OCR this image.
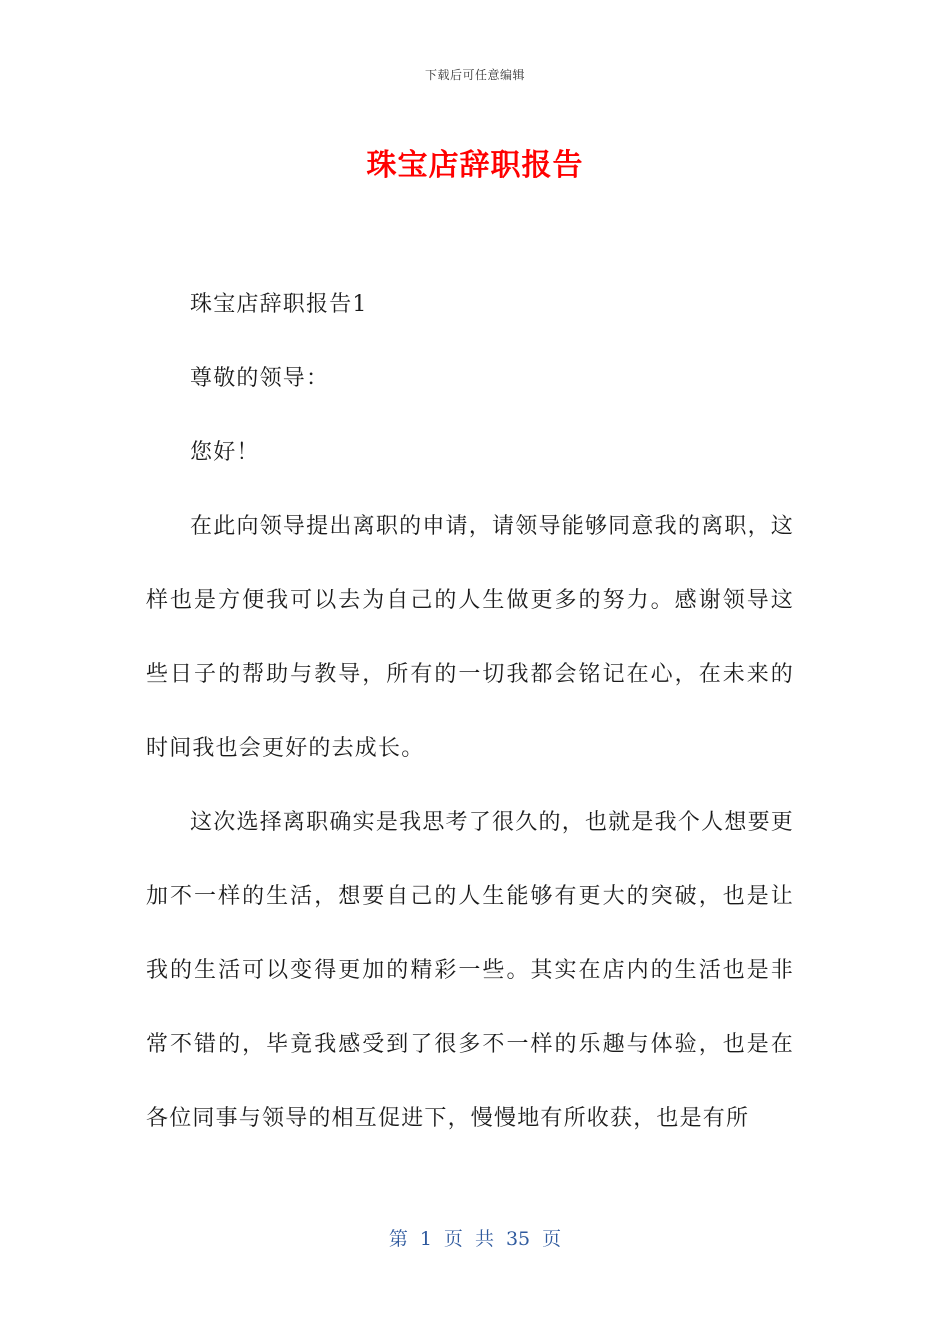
下载后可任意编辑
珠宝店辞职报告

珠宝店辞职报告1

尊敬的领导：

您好！

在此向领导提出离职的申请，请领导能够同意我的离职，这样也是方便我可以去为自己的人生做更多的努力。感谢领导这些日子的帮助与教导，所有的一切我都会铭记在心，在未来的时间我也会更好的去成长。

这次选择离职确实是我思考了很久的，也就是我个人想要更加不一样的生活，想要自己的人生能够有更大的突破，也是让我的生活可以变得更加的精彩一些。其实在店内的生活也是非常不错的，毕竟我感受到了很多不一样的乐趣与体验，也是在各位同事与领导的相互促进下，慢慢地有所收获，也是有所

第 1 页 共 35 页
